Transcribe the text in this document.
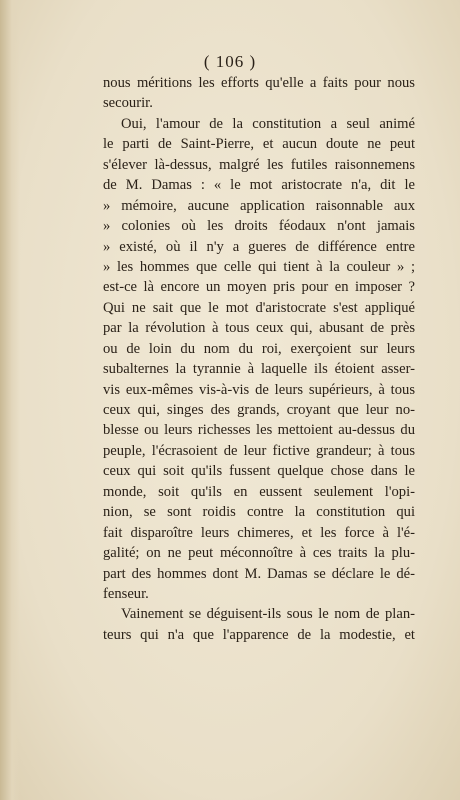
( 106 )
nous méritions les efforts qu'elle a faits pour nous
secourir.
Oui, l'amour de la constitution a seul animé
le parti de Saint-Pierre, et aucun doute ne peut
s'élever là-dessus, malgré les futiles raisonnemens
de M. Damas : « le mot aristocrate n'a, dit le
» mémoire, aucune application raisonnable aux
» colonies où les droits féodaux n'ont jamais
» existé, où il n'y a gueres de différence entre
» les hommes que celle qui tient à la couleur » ;
est-ce là encore un moyen pris pour en imposer ?
Qui ne sait que le mot d'aristocrate s'est appliqué
par la révolution à tous ceux qui, abusant de près
ou de loin du nom du roi, exerçoient sur leurs
subalternes la tyrannie à laquelle ils étoient asser-
vis eux-mêmes vis-à-vis de leurs supérieurs, à tous
ceux qui, singes des grands, croyant que leur no-
blesse ou leurs richesses les mettoient au-dessus du
peuple, l'écrasoient de leur fictive grandeur; à tous
ceux qui soit qu'ils fussent quelque chose dans le
monde, soit qu'ils en eussent seulement l'opi-
nion, se sont roidis contre la constitution qui
fait disparoître leurs chimeres, et les force à l'é-
galité; on ne peut méconnoître à ces traits la plu-
part des hommes dont M. Damas se déclare le dé-
fenseur.
Vainement se déguisent-ils sous le nom de plan-
teurs qui n'a que l'apparence de la modestie, et
